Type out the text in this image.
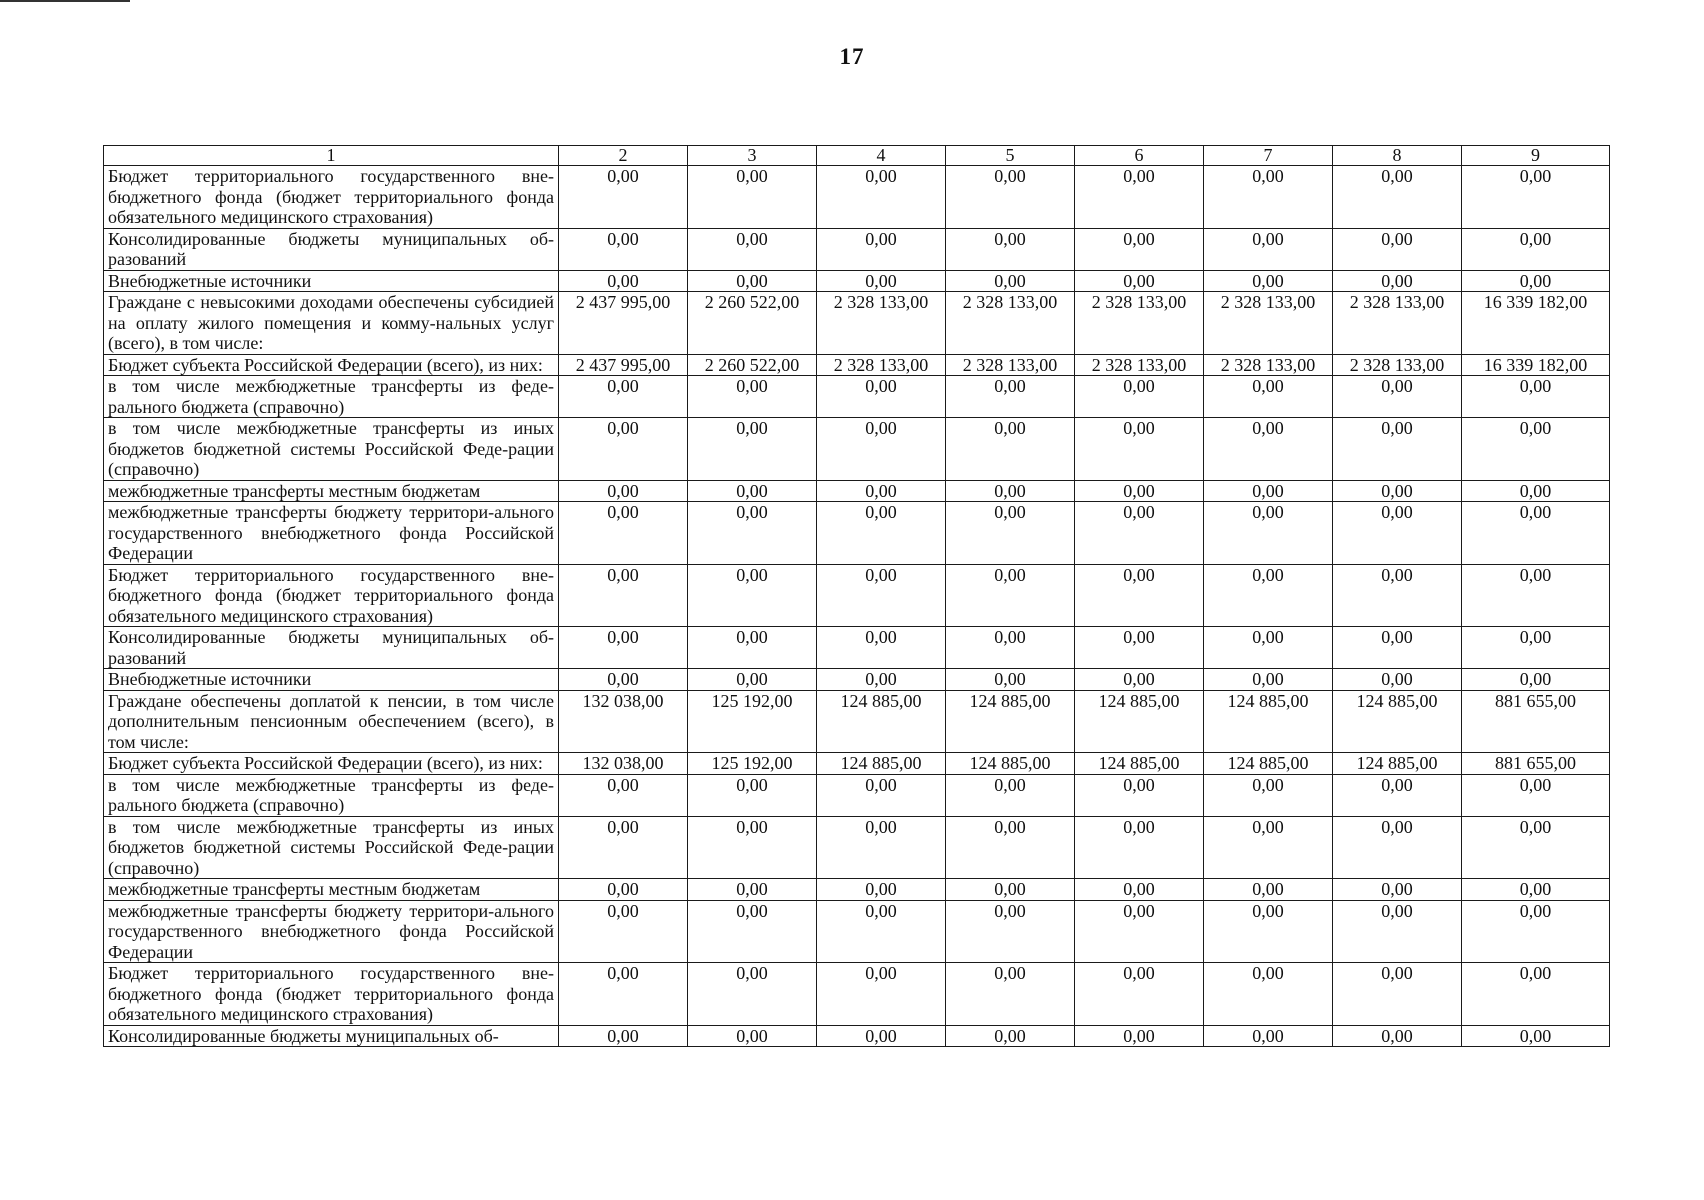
17
1	2	3	4	5	6	7	8	9
Бюджет территориального государственного вне-бюджетного фонда (бюджет территориального фонда обязательного медицинского страхования)	0,00	0,00	0,00	0,00	0,00	0,00	0,00	0,00
Консолидированные бюджеты муниципальных об-разований	0,00	0,00	0,00	0,00	0,00	0,00	0,00	0,00
Внебюджетные источники	0,00	0,00	0,00	0,00	0,00	0,00	0,00	0,00
Граждане с невысокими доходами обеспечены субсидией на оплату жилого помещения и комму-нальных услуг (всего), в том числе:	2 437 995,00	2 260 522,00	2 328 133,00	2 328 133,00	2 328 133,00	2 328 133,00	2 328 133,00	16 339 182,00
Бюджет субъекта Российской Федерации (всего), из них:	2 437 995,00	2 260 522,00	2 328 133,00	2 328 133,00	2 328 133,00	2 328 133,00	2 328 133,00	16 339 182,00
в том числе межбюджетные трансферты из феде-рального бюджета (справочно)	0,00	0,00	0,00	0,00	0,00	0,00	0,00	0,00
в том числе межбюджетные трансферты из иных бюджетов бюджетной системы Российской Феде-рации (справочно)	0,00	0,00	0,00	0,00	0,00	0,00	0,00	0,00
межбюджетные трансферты местным бюджетам	0,00	0,00	0,00	0,00	0,00	0,00	0,00	0,00
межбюджетные трансферты бюджету территори-ального государственного внебюджетного фонда Российской Федерации	0,00	0,00	0,00	0,00	0,00	0,00	0,00	0,00
Бюджет территориального государственного вне-бюджетного фонда (бюджет территориального фонда обязательного медицинского страхования)	0,00	0,00	0,00	0,00	0,00	0,00	0,00	0,00
Консолидированные бюджеты муниципальных об-разований	0,00	0,00	0,00	0,00	0,00	0,00	0,00	0,00
Внебюджетные источники	0,00	0,00	0,00	0,00	0,00	0,00	0,00	0,00
Граждане обеспечены доплатой к пенсии, в том числе дополнительным пенсионным обеспечением (всего), в том числе:	132 038,00	125 192,00	124 885,00	124 885,00	124 885,00	124 885,00	124 885,00	881 655,00
Бюджет субъекта Российской Федерации (всего), из них:	132 038,00	125 192,00	124 885,00	124 885,00	124 885,00	124 885,00	124 885,00	881 655,00
в том числе межбюджетные трансферты из феде-рального бюджета (справочно)	0,00	0,00	0,00	0,00	0,00	0,00	0,00	0,00
в том числе межбюджетные трансферты из иных бюджетов бюджетной системы Российской Феде-рации (справочно)	0,00	0,00	0,00	0,00	0,00	0,00	0,00	0,00
межбюджетные трансферты местным бюджетам	0,00	0,00	0,00	0,00	0,00	0,00	0,00	0,00
межбюджетные трансферты бюджету территори-ального государственного внебюджетного фонда Российской Федерации	0,00	0,00	0,00	0,00	0,00	0,00	0,00	0,00
Бюджет территориального государственного вне-бюджетного фонда (бюджет территориального фонда обязательного медицинского страхования)	0,00	0,00	0,00	0,00	0,00	0,00	0,00	0,00
Консолидированные бюджеты муниципальных об-	0,00	0,00	0,00	0,00	0,00	0,00	0,00	0,00
